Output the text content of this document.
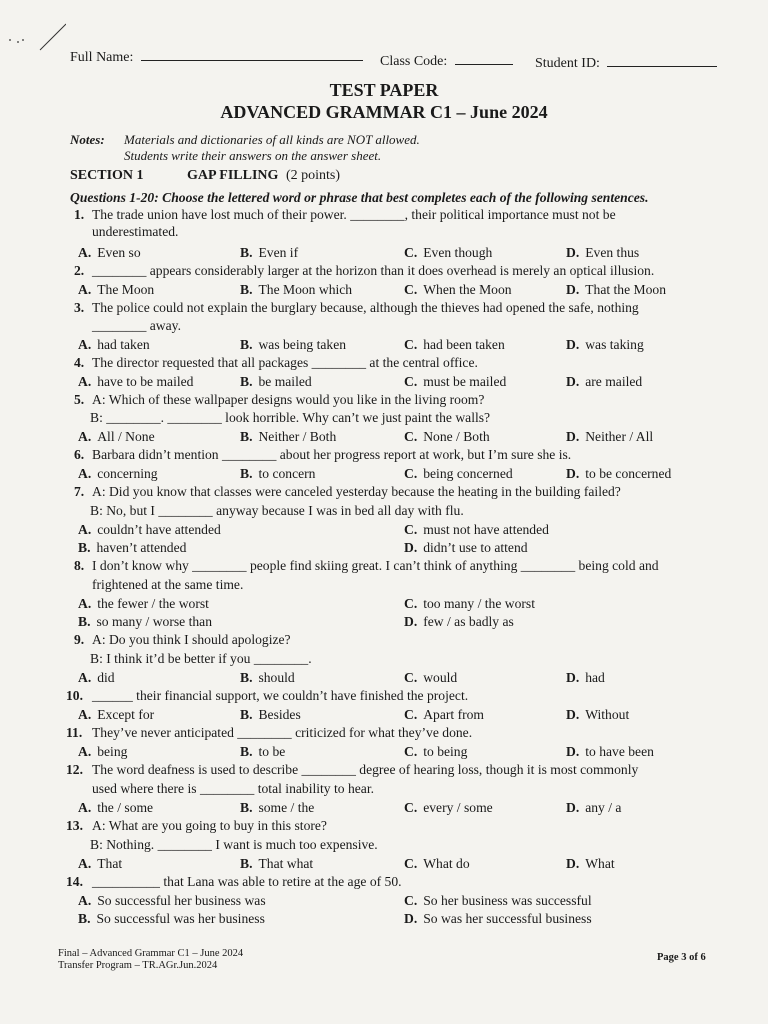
Full Name:	Class Code:	Student ID:
TEST PAPER
ADVANCED GRAMMAR C1 – June 2024
Notes: Materials and dictionaries of all kinds are NOT allowed.
Students write their answers on the answer sheet.
SECTION 1	GAP FILLING (2 points)
Questions 1-20: Choose the lettered word or phrase that best completes each of the following sentences.
1. The trade union have lost much of their power. ________, their political importance must not be
underestimated.
A. Even so	B. Even if	C. Even though	D. Even thus
2. ________ appears considerably larger at the horizon than it does overhead is merely an optical illusion.
A. The Moon	B. The Moon which	C. When the Moon	D. That the Moon
3. The police could not explain the burglary because, although the thieves had opened the safe, nothing
________ away.
A. had taken	B. was being taken	C. had been taken	D. was taking
4. The director requested that all packages ________ at the central office.
A. have to be mailed	B. be mailed	C. must be mailed	D. are mailed
5. A: Which of these wallpaper designs would you like in the living room?
B: ________. ________ look horrible. Why can’t we just paint the walls?
A. All / None	B. Neither / Both	C. None / Both	D. Neither / All
6. Barbara didn’t mention ________ about her progress report at work, but I’m sure she is.
A. concerning	B. to concern	C. being concerned	D. to be concerned
7. A: Did you know that classes were canceled yesterday because the heating in the building failed?
B: No, but I ________ anyway because I was in bed all day with flu.
A. couldn’t have attended	C. must not have attended
B. haven’t attended	D. didn’t use to attend
8. I don’t know why ________ people find skiing great. I can’t think of anything ________ being cold and
frightened at the same time.
A. the fewer / the worst	C. too many / the worst
B. so many / worse than	D. few / as badly as
9. A: Do you think I should apologize?
B: I think it’d be better if you ________.
A. did	B. should	C. would	D. had
10. ______ their financial support, we couldn’t have finished the project.
A. Except for	B. Besides	C. Apart from	D. Without
11. They’ve never anticipated ________ criticized for what they’ve done.
A. being	B. to be	C. to being	D. to have been
12. The word deafness is used to describe ________ degree of hearing loss, though it is most commonly
used where there is ________ total inability to hear.
A. the / some	B. some / the	C. every / some	D. any / a
13. A: What are you going to buy in this store?
B: Nothing. ________ I want is much too expensive.
A. That	B. That what	C. What do	D. What
14. __________ that Lana was able to retire at the age of 50.
A. So successful her business was	C. So her business was successful
B. So successful was her business	D. So was her successful business
Final – Advanced Grammar C1 – June 2024
Transfer Program – TR.AGr.Jun.2024
Page 3 of 6
